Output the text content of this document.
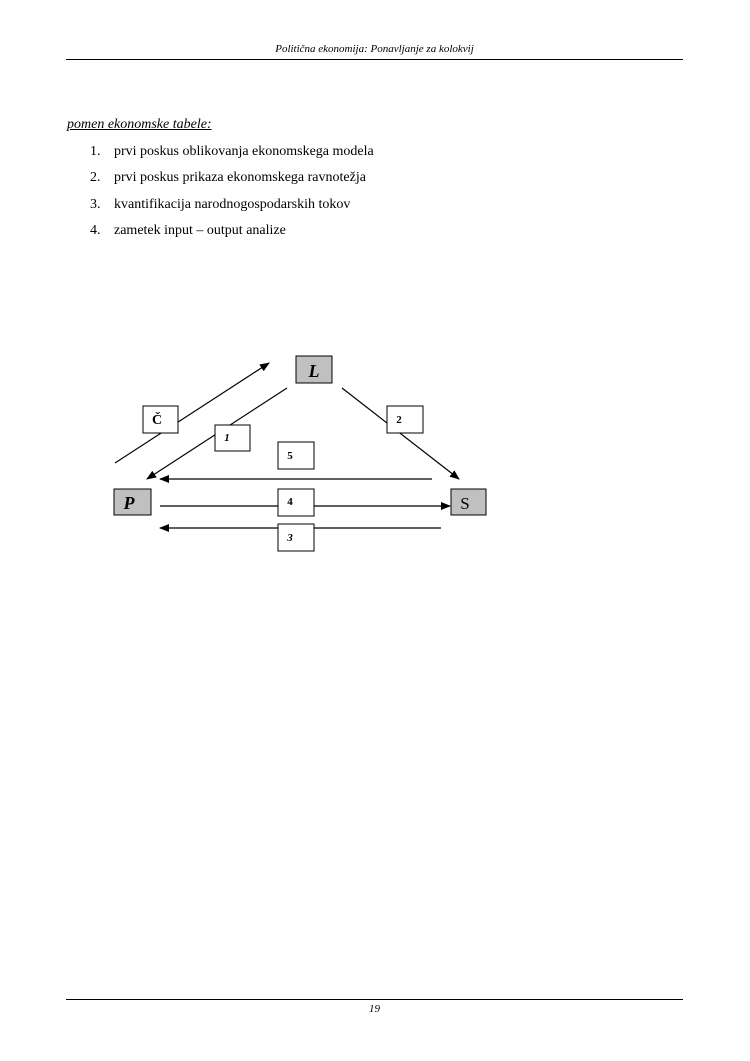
Politična ekonomija: Ponavljanje za kolokvij
pomen ekonomske tabele:
1. prvi poskus oblikovanja ekonomskega modela
2. prvi poskus prikaza ekonomskega ravnotežja
3. kvantifikacija narodnogospodarskih tokov
4. zametek input – output analize
L
P	S
Č
1
2
5
4
3
19
